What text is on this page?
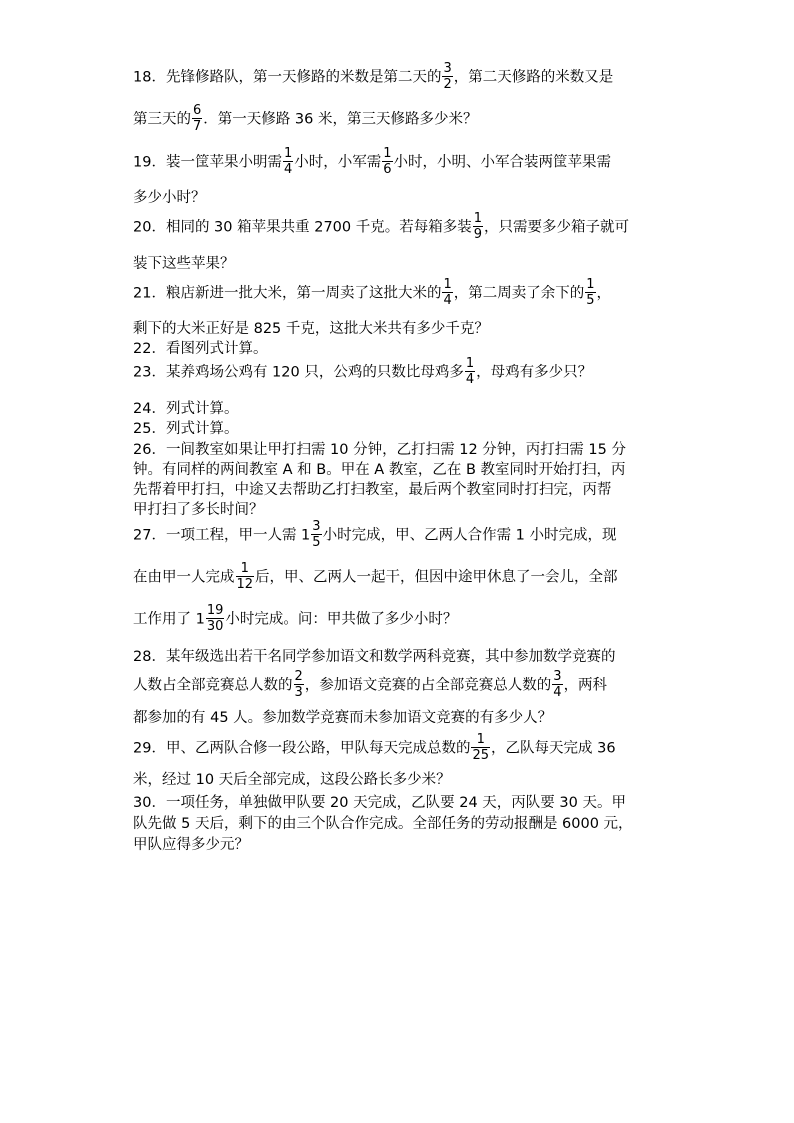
18．先锋修路队，第一天修路的米数是第二天的 $\frac{3}{2}$ ，第二天修路的米数又是
第三天的 $\frac{6}{7}$ ．第一天修路 36 米，第三天修路多少米？
19．装一筐苹果小明需 $\frac{1}{4}$ 小时，小军需 $\frac{1}{6}$ 小时，小明、小军合装两筐苹果需
多少小时？
20．相同的 30 箱苹果共重 2700 千克。若每箱多装 $\frac{1}{9}$ ，只需要多少箱子就可
装下这些苹果？
21．粮店新进一批大米，第一周卖了这批大米的 $\frac{1}{4}$ ，第二周卖了余下的 $\frac{1}{5}$ ，
剩下的大米正好是 825 千克，这批大米共有多少千克？
22．看图列式计算。
23．某养鸡场公鸡有 120 只，公鸡的只数比母鸡多 $\frac{1}{4}$ ，母鸡有多少只？
24．列式计算。
25．列式计算。
26．一间教室如果让甲打扫需 10 分钟，乙打扫需 12 分钟，丙打扫需 15 分
钟。有同样的两间教室 A 和 B。甲在 A 教室，乙在 B 教室同时开始打扫，丙
先帮着甲打扫，中途又去帮助乙打扫教室，最后两个教室同时打扫完，丙帮
甲打扫了多长时间？
27．一项工程，甲一人需 $1 \frac{3}{5}$ 小时完成，甲、乙两人合作需 1 小时完成，现
在由甲一人完成 $\frac{1}{12}$ 后，甲、乙两人一起干，但因中途甲休息了一会儿，全部
工作用了 $1 \frac{19}{30}$ 小时完成。问：甲共做了多少小时？
28．某年级选出若干名同学参加语文和数学两科竞赛，其中参加数学竞赛的
人数占全部竞赛总人数的 $\frac{2}{3}$ ，参加语文竞赛的占全部竞赛总人数的 $\frac{3}{4}$ ，两科
都参加的有 45 人。参加数学竞赛而未参加语文竞赛的有多少人？
29．甲、乙两队合修一段公路，甲队每天完成总数的 $\frac{1}{25}$ ，乙队每天完成 36
米，经过 10 天后全部完成，这段公路长多少米？
30．一项任务，单独做甲队要 20 天完成，乙队要 24 天，丙队要 30 天。甲
队先做 5 天后，剩下的由三个队合作完成。全部任务的劳动报酬是 6000 元，
甲队应得多少元？
